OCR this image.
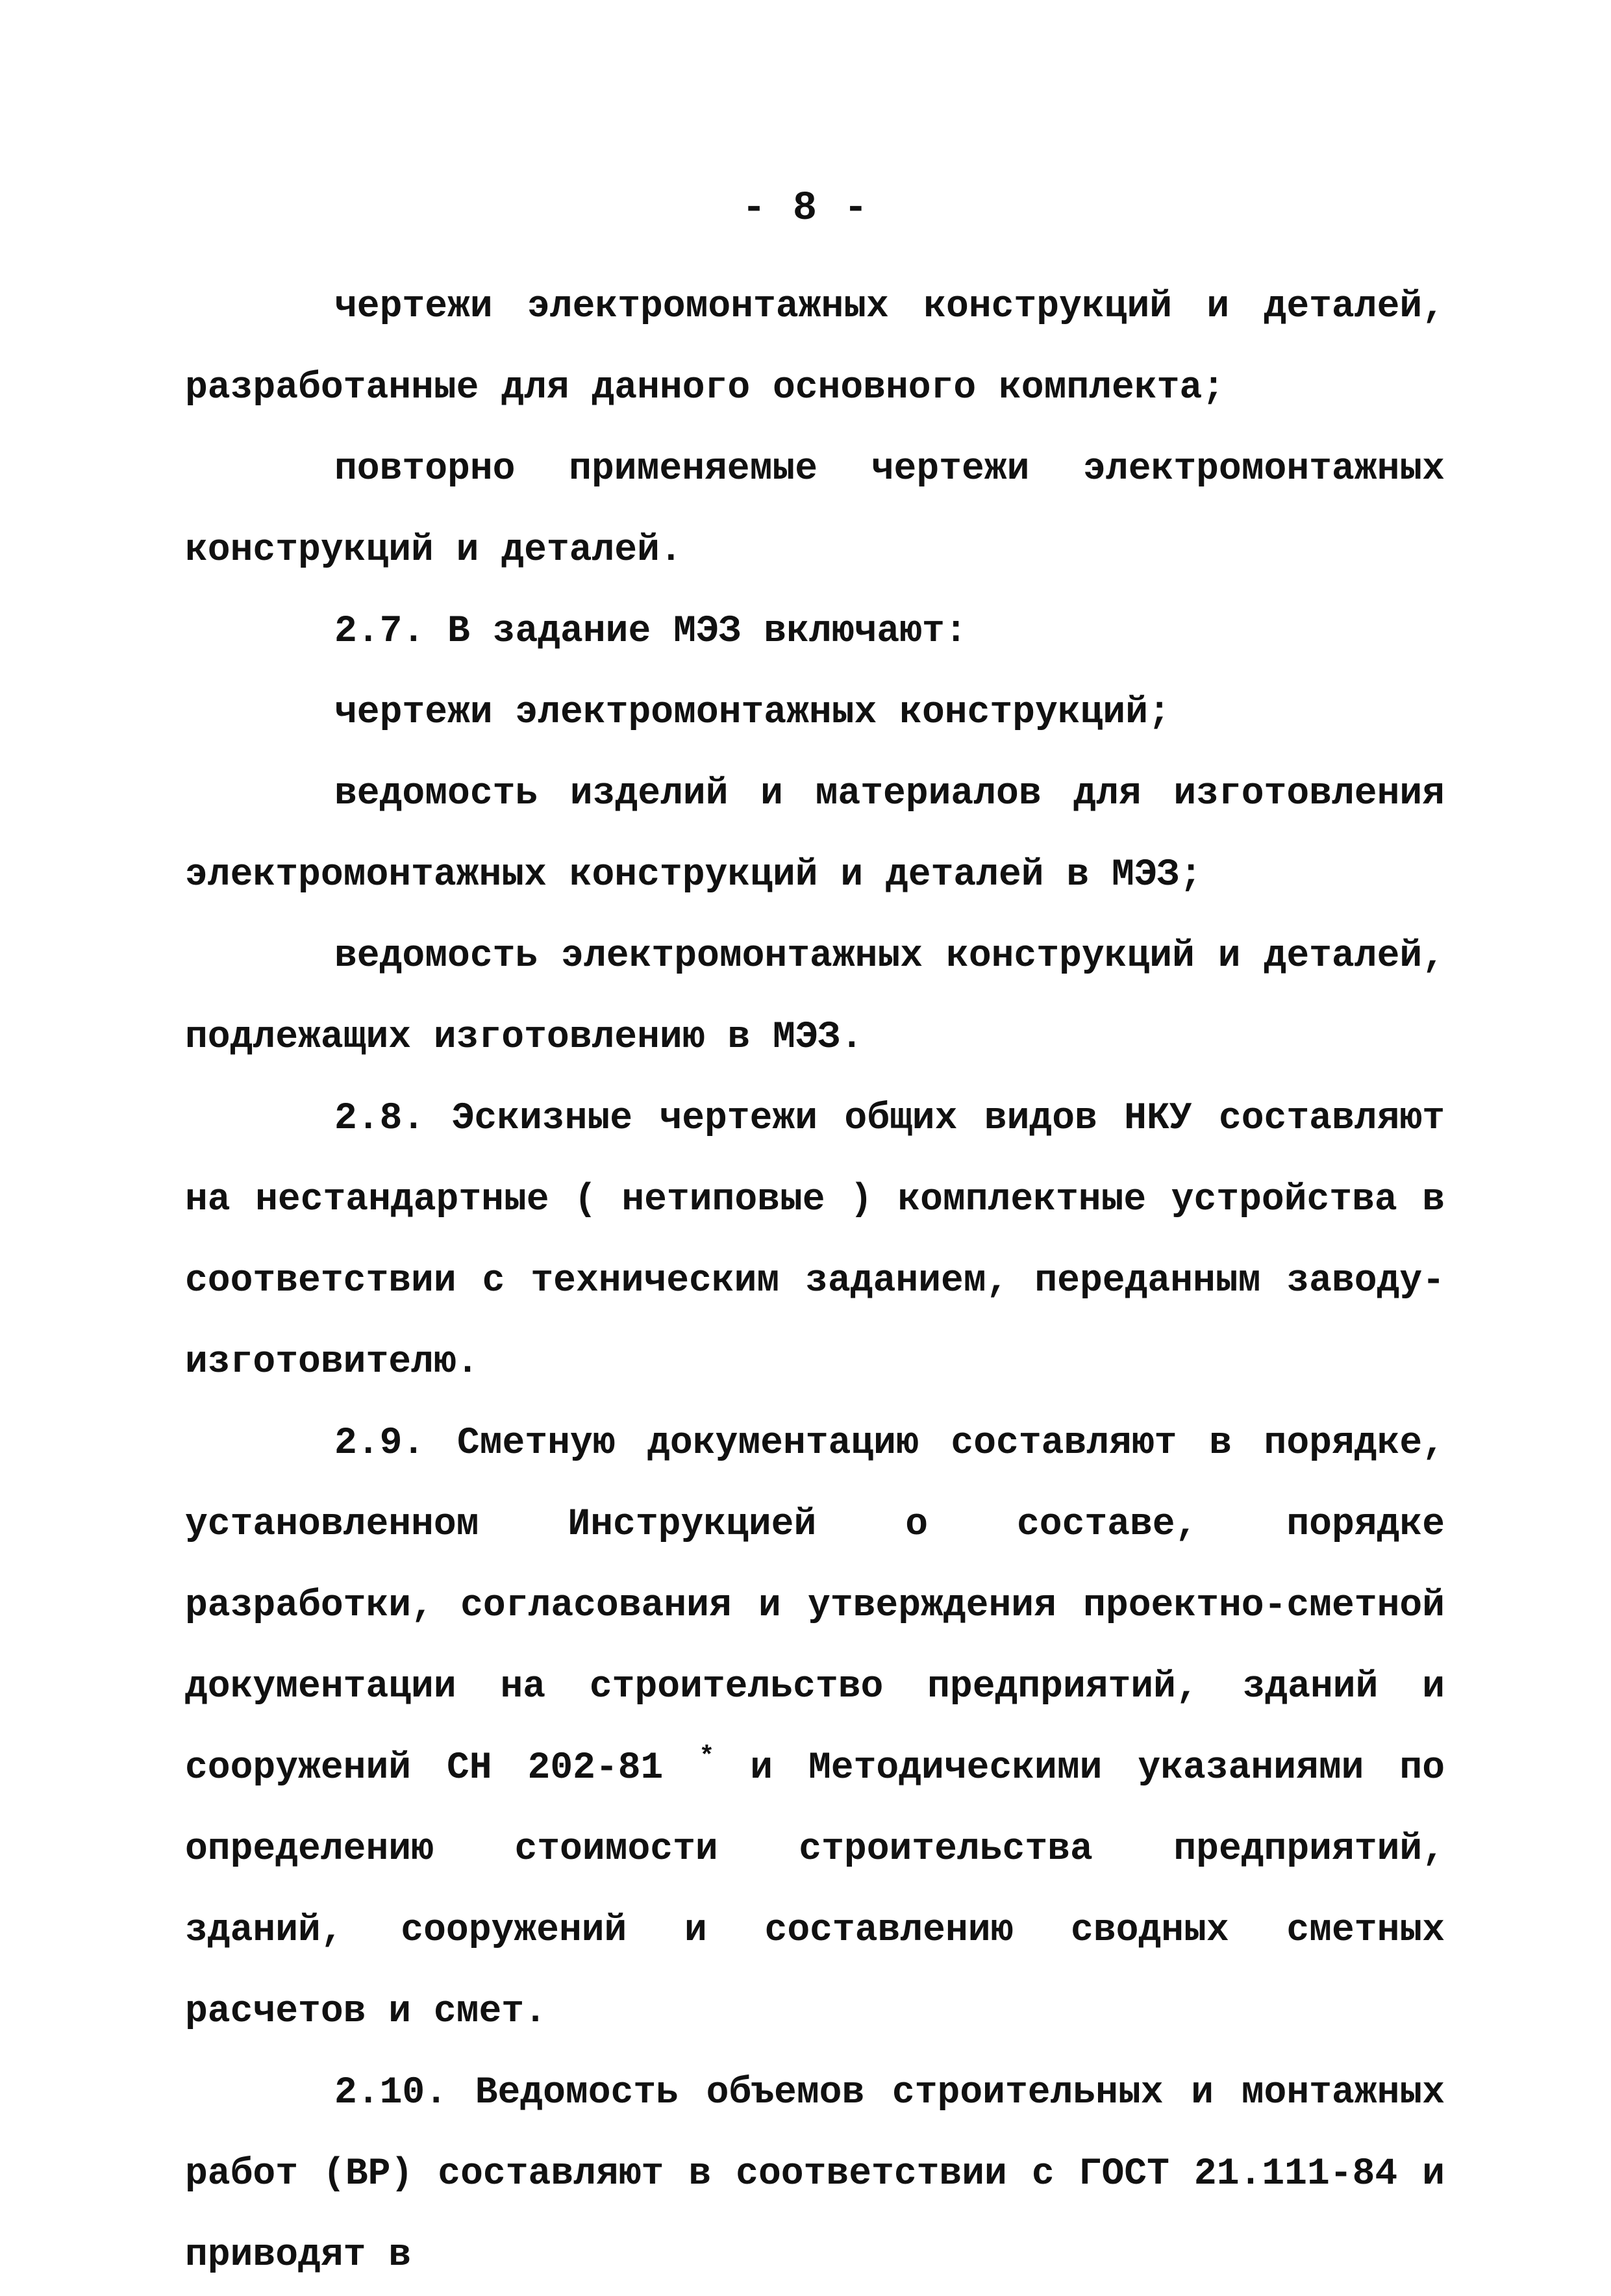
- 8 -

чертежи электромонтажных конструкций и деталей, разработанные для данного основного комплекта;

повторно применяемые чертежи электромонтажных конструкций и деталей.

2.7. В задание МЭЗ включают:

чертежи электромонтажных конструкций;

ведомость изделий и материалов для изготовления электромонтажных конструкций и деталей в МЭЗ;

ведомость электромонтажных конструкций и деталей, подлежащих изготовлению в МЭЗ.

2.8. Эскизные чертежи общих видов НКУ составляют на нестандартные ( нетиповые ) комплектные устройства в соответствии с техническим заданием, переданным заводу-изготовителю.

2.9. Сметную документацию составляют в порядке, установленном Инструкцией о составе, порядке разработки, согласования и утверждения проектно-сметной документации на строительство предприятий, зданий и сооружений СН 202-81 * и Методическими указаниями по определению стоимости строительства предприятий, зданий, сооружений и составлению сводных сметных расчетов и смет.

2.10. Ведомость объемов строительных и монтажных работ (ВР) составляют в соответствии с ГОСТ 21.111-84 и приводят в
